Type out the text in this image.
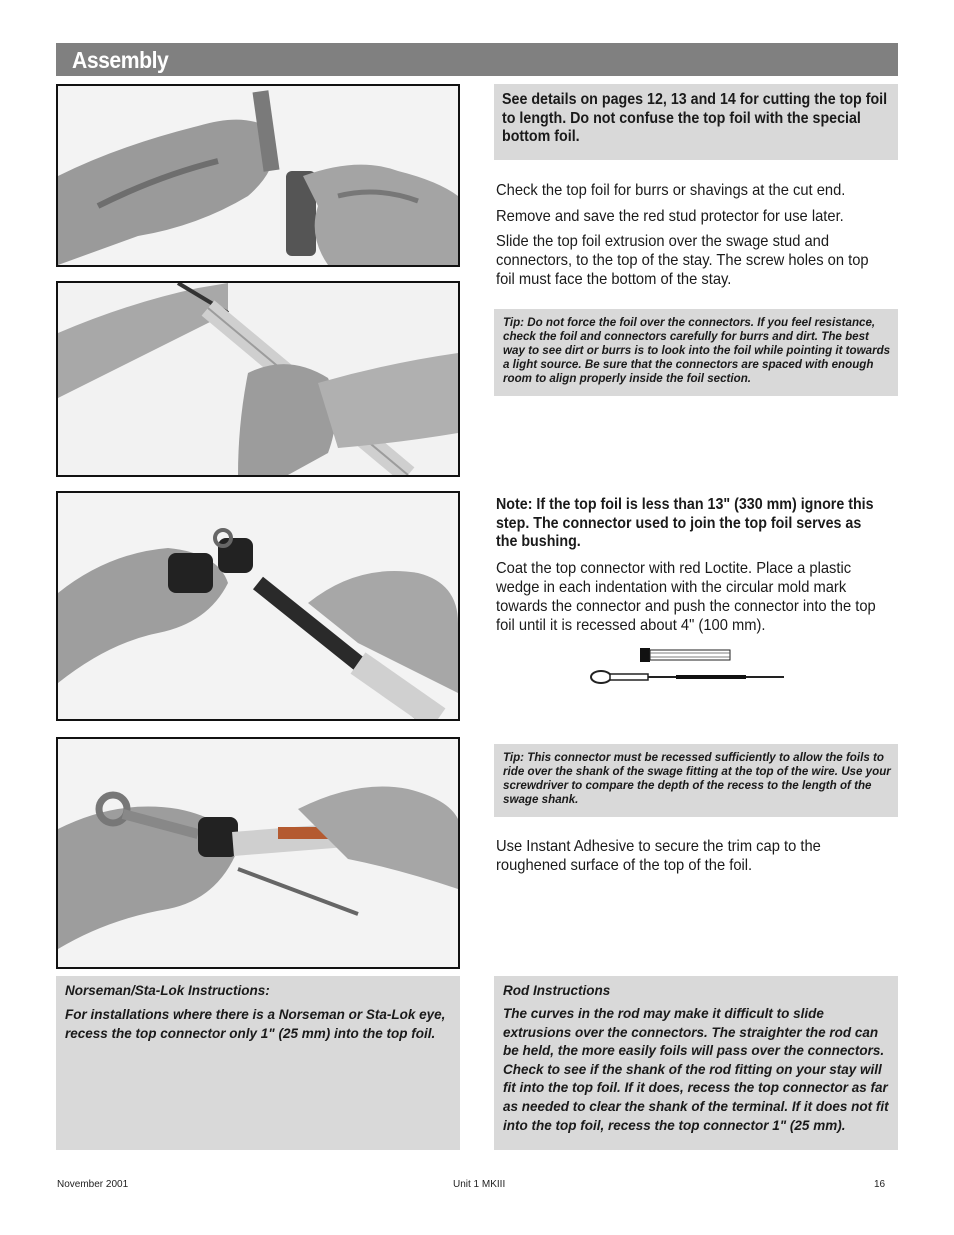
Assembly
See details on pages 12, 13 and 14 for cutting the top foil to length. Do not confuse the top foil with the special bottom foil.
Check the top foil for burrs or shavings at the cut end.
Remove and save the red stud protector for use later.
Slide the top foil extrusion over the swage stud and connectors, to the top of the stay. The screw holes on top foil must face the bottom of the stay.
Tip: Do not force the foil over the connectors. If you feel resistance, check the foil and connectors carefully for burrs and dirt. The best way to see dirt or burrs is to look into the foil while pointing it towards a light source. Be sure that the connectors are spaced with enough room to align properly inside the foil section.
Note: If the top foil is less than 13" (330 mm) ignore this step. The connector used to join the top foil serves as the bushing.
Coat the top connector with red Loctite. Place a plastic wedge in each indentation with the circular mold mark towards the connector and push the connector into the top foil until it is recessed about 4" (100 mm).
Tip: This connector must be recessed sufficiently to allow the foils to ride over the shank of the swage fitting at the top of the wire. Use your screwdriver to compare the depth of the recess to the length of the swage shank.
Use Instant Adhesive to secure the trim cap to the roughened surface of the top of the foil.
Norseman/Sta-Lok Instructions:
For installations where there is a Norseman or Sta-Lok eye, recess the top connector only 1" (25 mm) into the top foil.
Rod Instructions
The curves in the rod may make it difficult to slide extrusions over the connectors. The straighter the rod can be held, the more easily foils will pass over the connectors. Check to see if the shank of the rod fitting on your stay will fit into the top foil. If it does, recess the top connector as far as needed to clear the shank of the terminal. If it does not fit into the top foil, recess the top connector 1" (25 mm).
November 2001	Unit 1 MKIII	16
